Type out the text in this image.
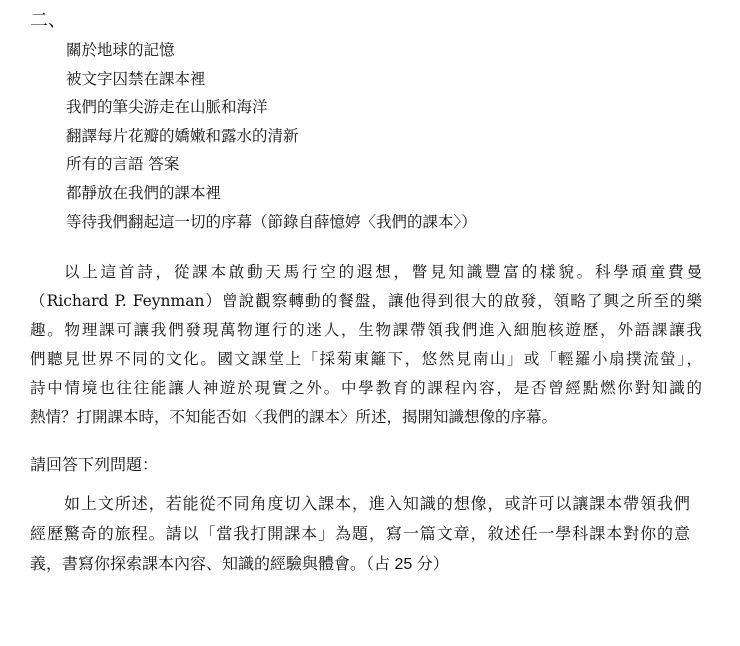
二、
關於地球的記憶
被文字囚禁在課本裡
我們的筆尖游走在山脈和海洋
翻譯每片花瓣的嬌嫩和露水的清新
所有的言語 答案
都靜放在我們的課本裡
等待我們翻起這一切的序幕（節錄自薛憶婷〈我們的課本〉）
以上這首詩，從課本啟動天馬行空的遐想，瞥見知識豐富的樣貌。科學頑童費曼
（Richard P. Feynman）曾說觀察轉動的餐盤，讓他得到很大的啟發，領略了興之所至的樂
趣。物理課可讓我們發現萬物運行的迷人，生物課帶領我們進入細胞核遊歷，外語課讓我
們聽見世界不同的文化。國文課堂上「採菊東籬下，悠然見南山」或「輕羅小扇撲流螢」，
詩中情境也往往能讓人神遊於現實之外。中學教育的課程內容，是否曾經點燃你對知識的
熱情？打開課本時，不知能否如〈我們的課本〉所述，揭開知識想像的序幕。
請回答下列問題：
如上文所述，若能從不同角度切入課本，進入知識的想像，或許可以讓課本帶領我們
經歷驚奇的旅程。請以「當我打開課本」為題，寫一篇文章，敘述任一學科課本對你的意
義，書寫你探索課本內容、知識的經驗與體會。（占 25 分）
